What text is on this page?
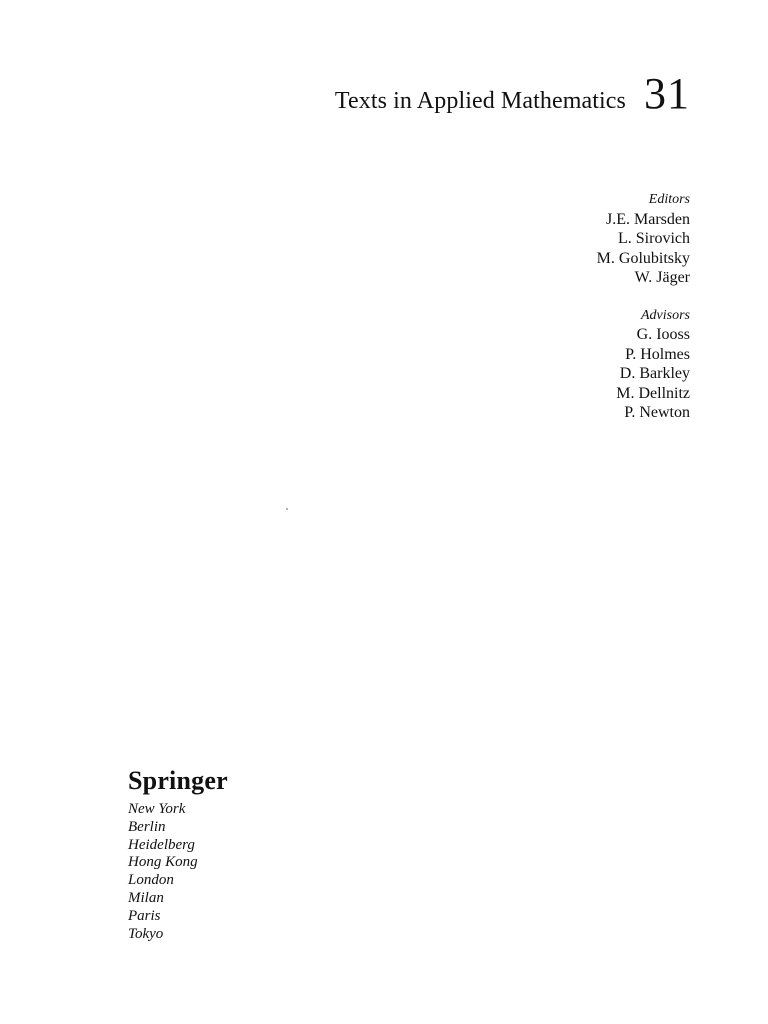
Texts in Applied Mathematics 31
Editors
J.E. Marsden
L. Sirovich
M. Golubitsky
W. Jäger
Advisors
G. Iooss
P. Holmes
D. Barkley
M. Dellnitz
P. Newton
Springer
New York
Berlin
Heidelberg
Hong Kong
London
Milan
Paris
Tokyo
